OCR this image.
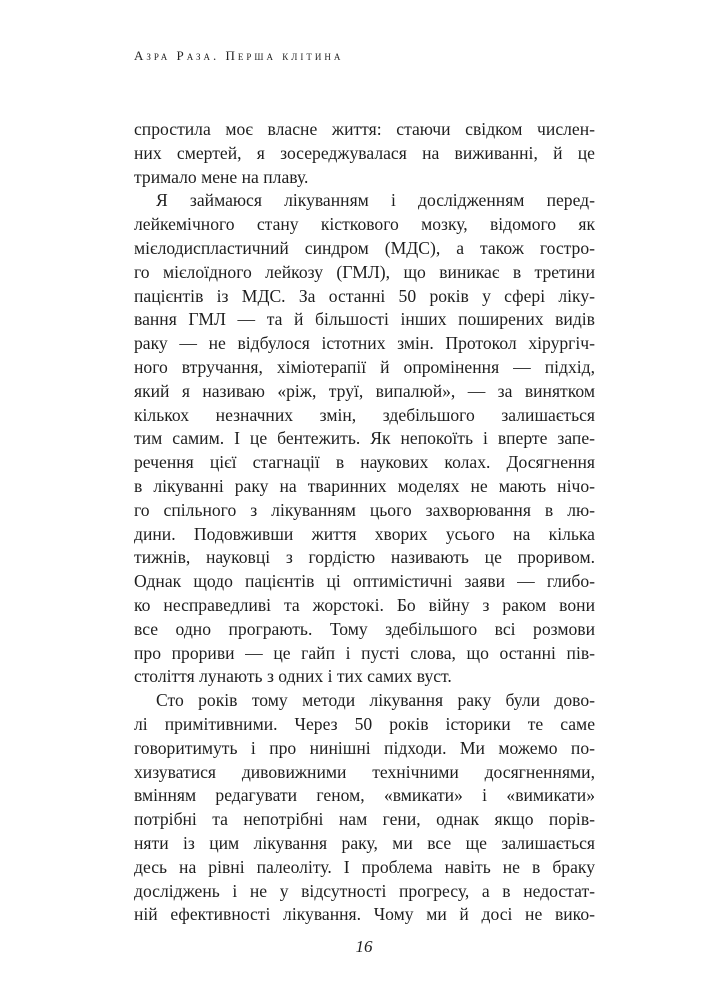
Азра Раза. Перша клітина
спростила моє власне життя: стаючи свідком числен-
них смертей, я зосереджувалася на виживанні, й це
тримало мене на плаву.
Я займаюся лікуванням і дослідженням перед-
лейкемічного стану кісткового мозку, відомого як
мієлодиспластичний синдром (МДС), а також гостро-
го мієлоїдного лейкозу (ГМЛ), що виникає в третини
пацієнтів із МДС. За останні 50 років у сфері ліку-
вання ГМЛ — та й більшості інших поширених видів
раку — не відбулося істотних змін. Протокол хірургіч-
ного втручання, хіміотерапії й опромінення — підхід,
який я називаю «ріж, труї, випалюй», — за винятком
кількох незначних змін, здебільшого залишається
тим самим. І це бентежить. Як непокоїть і вперте запе-
речення цієї стагнації в наукових колах. Досягнення
в лікуванні раку на тваринних моделях не мають нічо-
го спільного з лікуванням цього захворювання в лю-
дини. Подовживши життя хворих усього на кілька
тижнів, науковці з гордістю називають це проривом.
Однак щодо пацієнтів ці оптимістичні заяви — глибо-
ко несправедливі та жорстокі. Бо війну з раком вони
все одно програють. Тому здебільшого всі розмови
про прориви — це гайп і пусті слова, що останні пів-
століття лунають з одних і тих самих вуст.
Сто років тому методи лікування раку були дово-
лі примітивними. Через 50 років історики те саме
говоритимуть і про нинішні підходи. Ми можемо по-
хизуватися дивовижними технічними досягненнями,
вмінням редагувати геном, «вмикати» і «вимикати»
потрібні та непотрібні нам гени, однак якщо порів-
няти із цим лікування раку, ми все ще залишається
десь на рівні палеоліту. І проблема навіть не в браку
досліджень і не у відсутності прогресу, а в недостат-
ній ефективності лікування. Чому ми й досі не вико-
16
